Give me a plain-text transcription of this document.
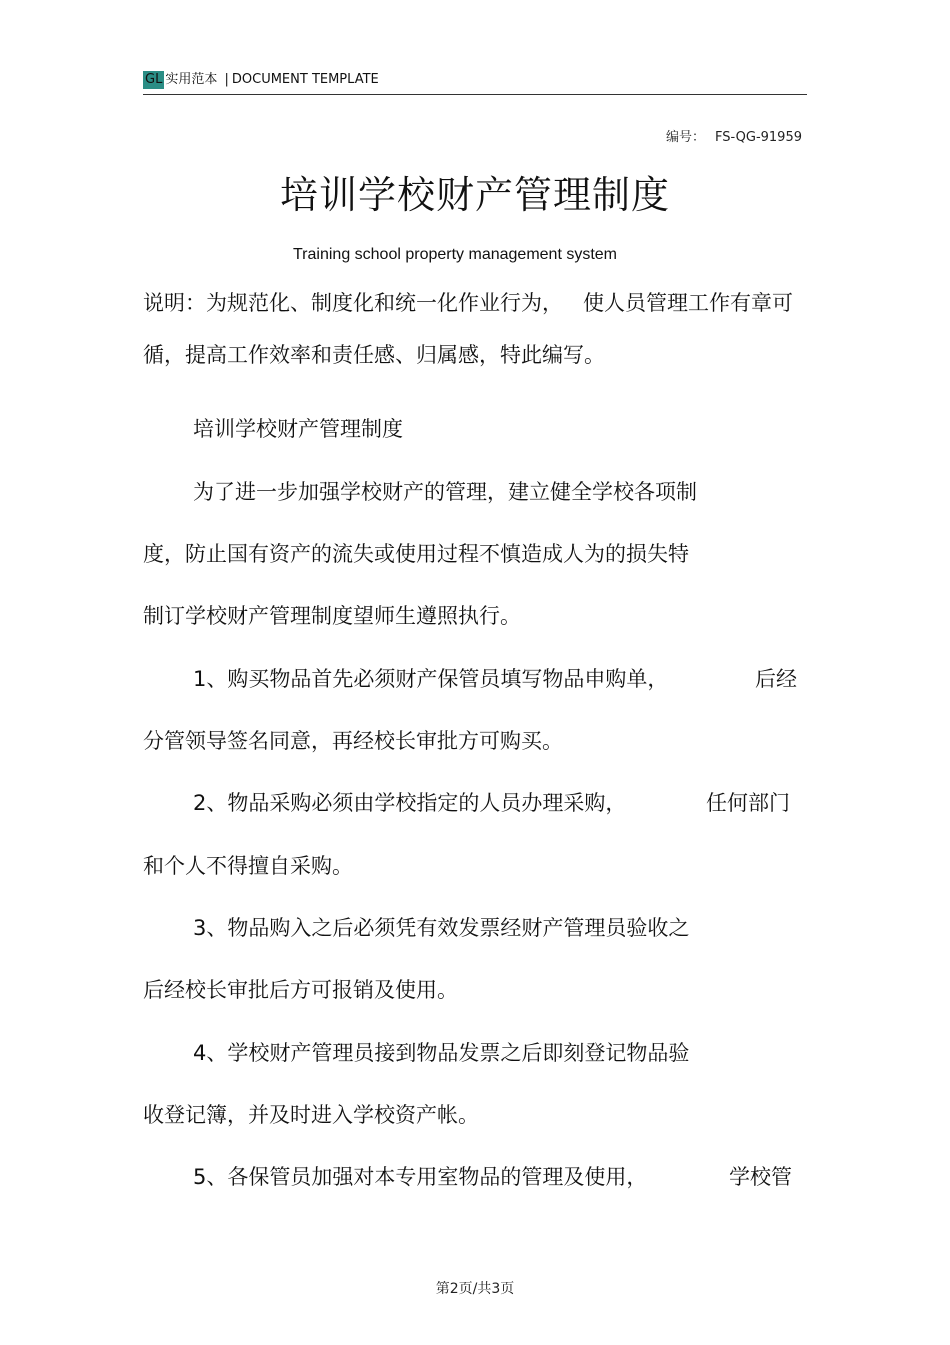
GL 实用范本 | DOCUMENT TEMPLATE
编号： FS-QG-91959
培训学校财产管理制度
Training school property management system
说明：为规范化、制度化和统一化作业行为， 使人员管理工作有章可
循，提高工作效率和责任感、归属感，特此编写。
培训学校财产管理制度
为了进一步加强学校财产的管理，建立健全学校各项制
度，防止国有资产的流失或使用过程不慎造成人为的损失特
制订学校财产管理制度望师生遵照执行。
1、购买物品首先必须财产保管员填写物品申购单，	后经
分管领导签名同意，再经校长审批方可购买。
2、物品采购必须由学校指定的人员办理采购，	任何部门
和个人不得擅自采购。
3、物品购入之后必须凭有效发票经财产管理员验收之
后经校长审批后方可报销及使用。
4、学校财产管理员接到物品发票之后即刻登记物品验
收登记簿，并及时进入学校资产帐。
5、各保管员加强对本专用室物品的管理及使用，	学校管
第2页/共3页
